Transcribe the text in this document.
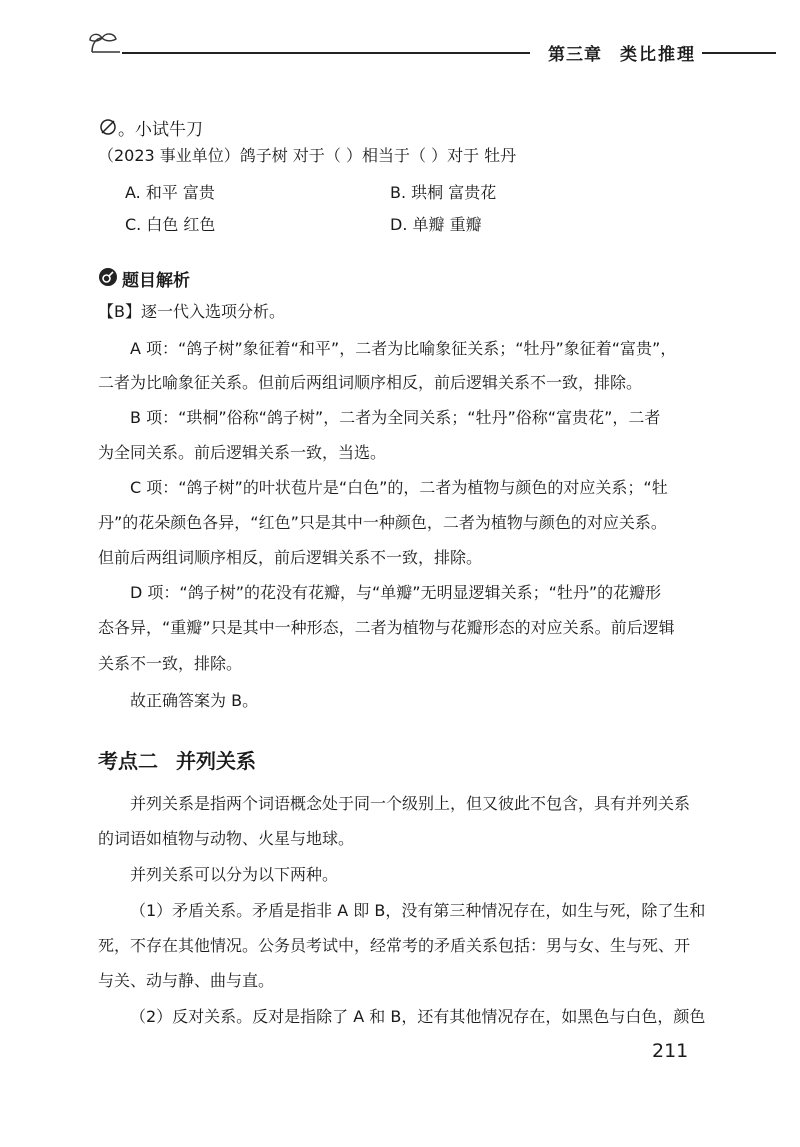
第三章 类比推理
。小试牛刀
（2023 事业单位）鸽子树 对于（ ）相当于（ ）对于 牡丹
A. 和平 富贵	B. 珙桐 富贵花
C. 白色 红色	D. 单瓣 重瓣
题目解析
【B】逐一代入选项分析。
A 项：“鸽子树”象征着“和平”，二者为比喻象征关系；“牡丹”象征着“富贵”，
二者为比喻象征关系。但前后两组词顺序相反，前后逻辑关系不一致，排除。
B 项：“珙桐”俗称“鸽子树”，二者为全同关系；“牡丹”俗称“富贵花”，二者
为全同关系。前后逻辑关系一致，当选。
C 项：“鸽子树”的叶状苞片是“白色”的，二者为植物与颜色的对应关系；“牡
丹”的花朵颜色各异，“红色”只是其中一种颜色，二者为植物与颜色的对应关系。
但前后两组词顺序相反，前后逻辑关系不一致，排除。
D 项：“鸽子树”的花没有花瓣，与“单瓣”无明显逻辑关系；“牡丹”的花瓣形
态各异，“重瓣”只是其中一种形态，二者为植物与花瓣形态的对应关系。前后逻辑
关系不一致，排除。
故正确答案为 B。
考点二 并列关系
并列关系是指两个词语概念处于同一个级别上，但又彼此不包含，具有并列关系
的词语如植物与动物、火星与地球。
并列关系可以分为以下两种。
（1）矛盾关系。矛盾是指非 A 即 B，没有第三种情况存在，如生与死，除了生和
死，不存在其他情况。公务员考试中，经常考的矛盾关系包括：男与女、生与死、开
与关、动与静、曲与直。
（2）反对关系。反对是指除了 A 和 B，还有其他情况存在，如黑色与白色，颜色
211
